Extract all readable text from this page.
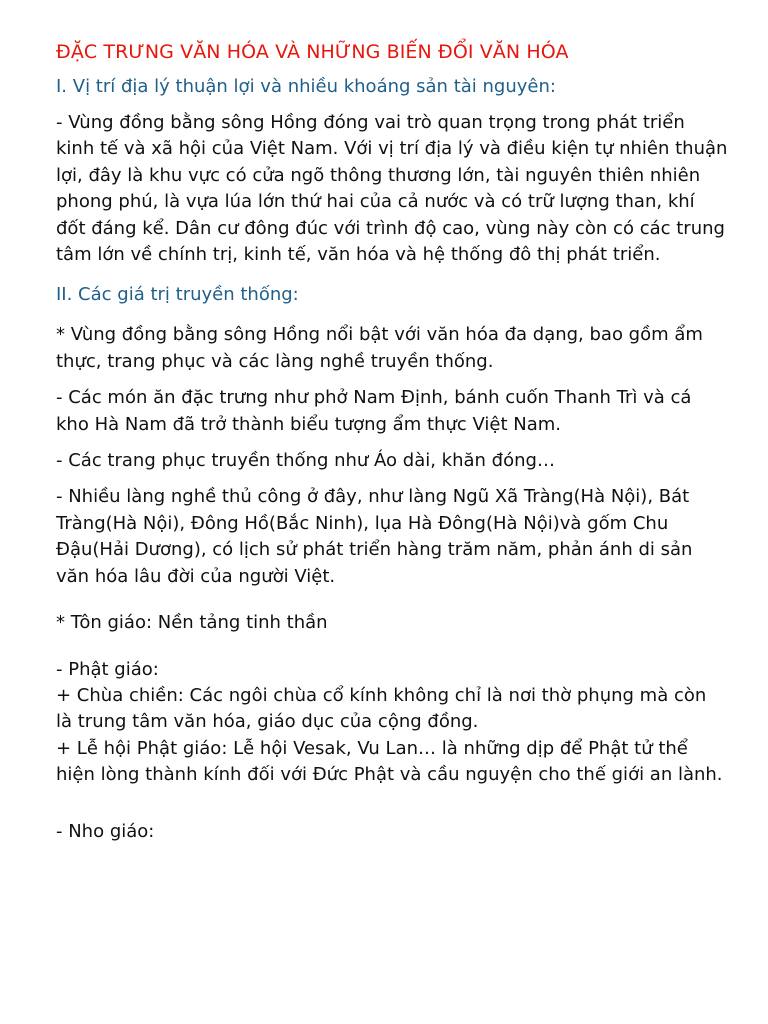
ĐẶC TRƯNG VĂN HÓA VÀ NHỮNG BIẾN ĐỔI VĂN HÓA
I. Vị trí địa lý thuận lợi và nhiều khoáng sản tài nguyên:

- Vùng đồng bằng sông Hồng đóng vai trò quan trọng trong phát triển kinh tế và xã hội của Việt Nam. Với vị trí địa lý và điều kiện tự nhiên thuận lợi, đây là khu vực có cửa ngõ thông thương lớn, tài nguyên thiên nhiên phong phú, là vựa lúa lớn thứ hai của cả nước và có trữ lượng than, khí đốt đáng kể. Dân cư đông đúc với trình độ cao, vùng này còn có các trung tâm lớn về chính trị, kinh tế, văn hóa và hệ thống đô thị phát triển.

II. Các giá trị truyền thống:

* Vùng đồng bằng sông Hồng nổi bật với văn hóa đa dạng, bao gồm ẩm thực, trang phục và các làng nghề truyền thống.

- Các món ăn đặc trưng như phở Nam Định, bánh cuốn Thanh Trì và cá kho Hà Nam đã trở thành biểu tượng ẩm thực Việt Nam.

- Các trang phục truyền thống như Áo dài, khăn đóng…

- Nhiều làng nghề thủ công ở đây, như làng Ngũ Xã Tràng(Hà Nội), Bát Tràng(Hà Nội), Đông Hồ(Bắc Ninh), lụa Hà Đông(Hà Nội)và gốm Chu Đậu(Hải Dương), có lịch sử phát triển hàng trăm năm, phản ánh di sản văn hóa lâu đời của người Việt.

* Tôn giáo: Nền tảng tinh thần

- Phật giáo:

+ Chùa chiền: Các ngôi chùa cổ kính không chỉ là nơi thờ phụng mà còn là trung tâm văn hóa, giáo dục của cộng đồng.

+ Lễ hội Phật giáo: Lễ hội Vesak, Vu Lan… là những dịp để Phật tử thể hiện lòng thành kính đối với Đức Phật và cầu nguyện cho thế giới an lành.

- Nho giáo:
